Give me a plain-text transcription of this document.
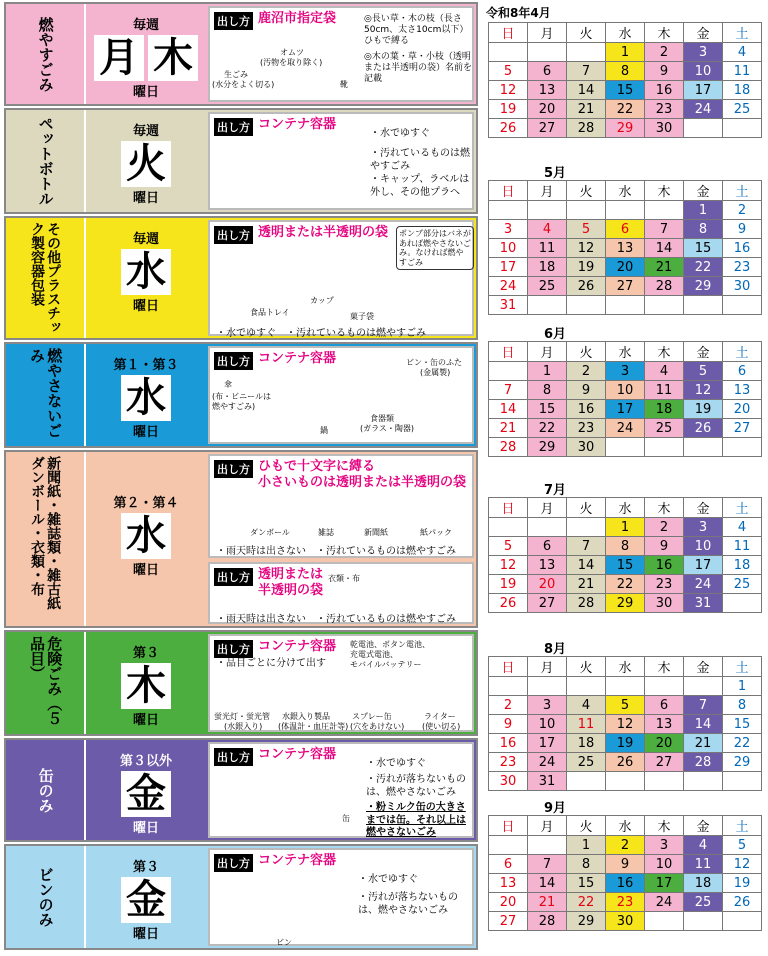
燃やすごみ	毎週
月 木
曜日
出し方 鹿沼市指定袋	◎長い草・木の枝（長さ50cm、太さ10cm以下）ひもで縛る
◎木の葉・草・小枝（透明または半透明の袋）名前を記載
オムツ
(汚物を取り除く)
生ごみ
(水分をよく切る)	靴
ペットボトル	毎週
火
曜日
出し方 コンテナ容器
・水でゆすぐ
・汚れているものは燃やすごみ
・キャップ、ラベルは外し、その他プラへ
その他プラスチック製容器包装	毎週
水
曜日
出し方 透明または半透明の袋	ポンプ部分はバネがあれば燃やさないごみ。なければ燃やすごみ
カップ
食品トレイ	菓子袋
・水でゆすぐ　・汚れているものは燃やすごみ
燃やさないごみ
第１・第３
水
曜日
出し方 コンテナ容器	ビン・缶のふた
(金属製)
傘
(布・ビニールは
燃やすごみ)
食器類
(ガラス・陶器)
鍋
新聞紙・雑誌類・雑古紙ダンボール・衣類・布	第２・第４
水
曜日
出し方 ひもで十文字に縛る
小さいものは透明または半透明の袋
ダンボール	雑誌	新聞紙	紙パック
・雨天時は出さない　・汚れているものは燃やすごみ
出し方 透明または
半透明の袋
衣類・布
・雨天時は出さない　・汚れているものは燃やすごみ
危険ごみ（５品目）	第３
木
曜日
出し方 コンテナ容器
・品目ごとに分けて出す
乾電池、ボタン電池、
充電式電池、
モバイルバッテリー
蛍光灯・蛍光管
(水銀入り)
水銀入り製品
(体温計・血圧計等)
スプレー缶
(穴をあけない)
ライター
(使い切る)
缶のみ
第３以外
金
曜日
出し方 コンテナ容器
・水でゆすぐ
・汚れが落ちないものは、燃やさないごみ
・粉ミルク缶の大きさまでは缶。それ以上は燃やさないごみ
缶
ビンのみ	第３
金
曜日
出し方 コンテナ容器
・水でゆすぐ
・汚れが落ちないものは、燃やさないごみ
ビン
令和8年4月
日	月	火	水	木	金	土
			1	2	3	4
5	6	7	8	9	10	11
12	13	14	15	16	17	18
19	20	21	22	23	24	25
26	27	28	29	30		
5月
日	月	火	水	木	金	土
					1	2
3	4	5	6	7	8	9
10	11	12	13	14	15	16
17	18	19	20	21	22	23
24	25	26	27	28	29	30
31						
6月
日	月	火	水	木	金	土
	1	2	3	4	5	6
7	8	9	10	11	12	13
14	15	16	17	18	19	20
21	22	23	24	25	26	27
28	29	30				
7月
日	月	火	水	木	金	土
			1	2	3	4
5	6	7	8	9	10	11
12	13	14	15	16	17	18
19	20	21	22	23	24	25
26	27	28	29	30	31	
8月
日	月	火	水	木	金	土
						1
2	3	4	5	6	7	8
9	10	11	12	13	14	15
16	17	18	19	20	21	22
23	24	25	26	27	28	29
30	31					
9月
日	月	火	水	木	金	土
		1	2	3	4	5
6	7	8	9	10	11	12
13	14	15	16	17	18	19
20	21	22	23	24	25	26
27	28	29	30			
